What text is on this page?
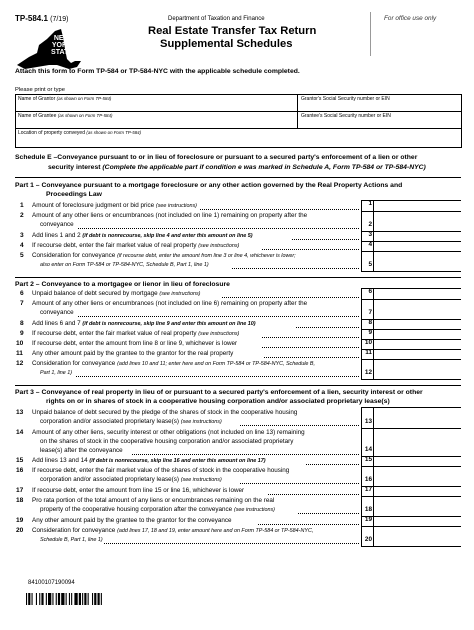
TP-584.1 (7/19)
NEW
YORK
STATE
Department of Taxation and Finance
Real Estate Transfer Tax Return
Supplemental Schedules
For office use only
Attach this form to Form TP-584 or TP-584-NYC with the applicable schedule completed.
Please print or type
Name of Grantor (as shown on Form TP-584)	Grantor's Social Security number or EIN
Name of Grantee (as shown on Form TP-584)	Grantee's Social Security number or EIN
Location of property conveyed (as shown on Form TP-584)
Schedule E –Conveyance pursuant to or in lieu of foreclosure or pursuant to a secured party's enforcement of a lien or other
security interest (Complete the applicable part if condition e was marked in Schedule A, Form TP-584 or TP-584-NYC)
Part 1 – Conveyance pursuant to a mortgage foreclosure or any other action governed by the Real Property Actions and
Proceedings Law
1 Amount of foreclosure judgment or bid price (see instructions)	1
2 Amount of any other liens or encumbrances (not included on line 1) remaining on property after the
conveyance	2
3 Add lines 1 and 2 (if debt is nonrecourse, skip line 4 and enter this amount on line 5)	3
4 If recourse debt, enter the fair market value of real property (see instructions)	4
5 Consideration for conveyance (if recourse debt, enter the amount from line 3 or line 4, whichever is lower;
also enter on Form TP-584 or TP-584-NYC, Schedule B, Part 1, line 1)	5
Part 2 – Conveyance to a mortgagee or lienor in lieu of foreclosure
6 Unpaid balance of debt secured by mortgage (see instructions)	6
7 Amount of any other liens or encumbrances (not included on line 6) remaining on property after the
conveyance	7
8 Add lines 6 and 7 (if debt is nonrecourse, skip line 9 and enter this amount on line 10)	8
9 If recourse debt, enter the fair market value of real property (see instructions)	9
10 If recourse debt, enter the amount from line 8 or line 9, whichever is lower	10
11 Any other amount paid by the grantee to the grantor for the real property	11
12 Consideration for conveyance (add lines 10 and 11; enter here and on Form TP-584 or TP-584-NYC, Schedule B,
Part 1, line 1)	12
Part 3 – Conveyance of real property in lieu of or pursuant to a secured party's enforcement of a lien, security interest or other
rights on or in shares of stock in a cooperative housing corporation and/or associated proprietary lease(s)
13 Unpaid balance of debt secured by the pledge of the shares of stock in the cooperative housing
corporation and/or associated proprietary lease(s) (see instructions)	13
14 Amount of any other liens, security interest or other obligations (not included on line 13) remaining
on the shares of stock in the cooperative housing corporation and/or associated proprietary
lease(s) after the conveyance	14
15 Add lines 13 and 14 (if debt is nonrecourse, skip line 16 and enter this amount on line 17)	15
16 If recourse debt, enter the fair market value of the shares of stock in the cooperative housing
corporation and/or associated proprietary lease(s) (see instructions)	16
17 If recourse debt, enter the amount from line 15 or line 16, whichever is lower	17
18 Pro rata portion of the total amount of any liens or encumbrances remaining on the real
property of the cooperative housing corporation after the conveyance (see instructions)	18
19 Any other amount paid by the grantee to the grantor for the conveyance	19
20 Consideration for conveyance (add lines 17, 18 and 19, enter amount here and on Form TP-584 or TP-584-NYC,
Schedule B, Part 1, line 1)	20
84100107190094
